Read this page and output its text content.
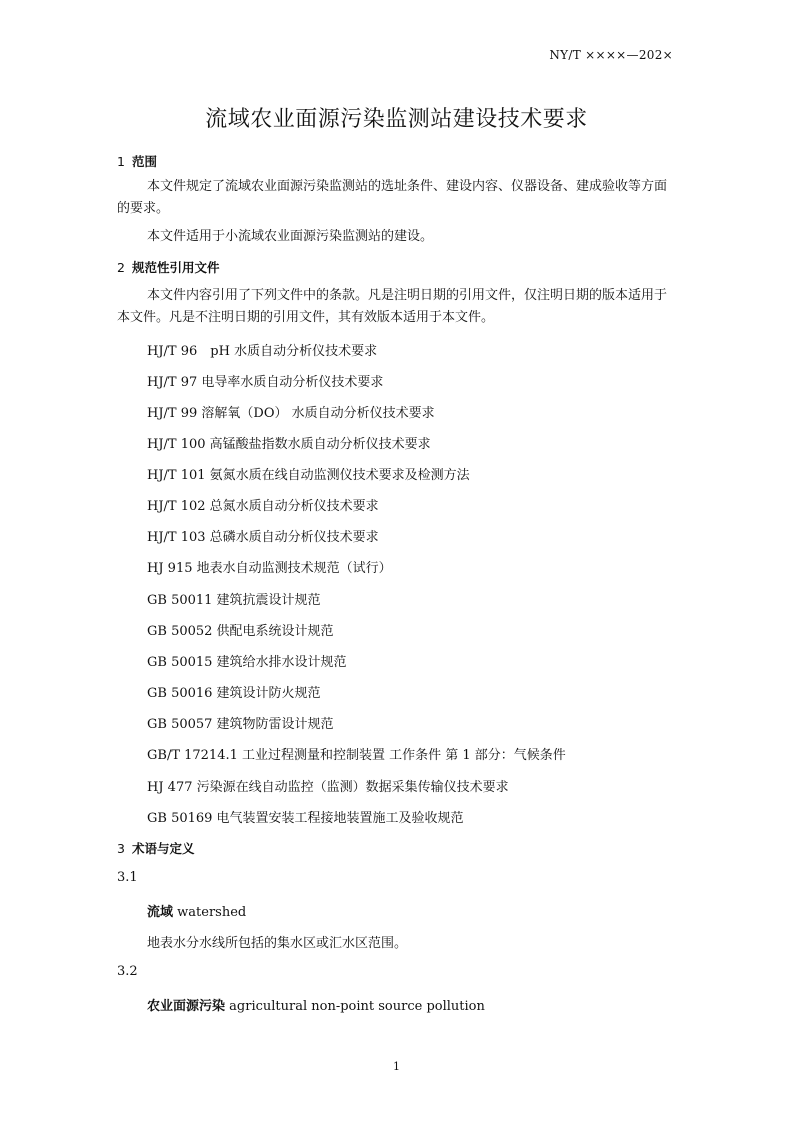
NY/T ××××—202×
流域农业面源污染监测站建设技术要求
1 范围
本文件规定了流域农业面源污染监测站的选址条件、建设内容、仪器设备、建成验收等方面的要求。
本文件适用于小流域农业面源污染监测站的建设。
2 规范性引用文件
本文件内容引用了下列文件中的条款。凡是注明日期的引用文件，仅注明日期的版本适用于本文件。凡是不注明日期的引用文件，其有效版本适用于本文件。
HJ/T 96　pH 水质自动分析仪技术要求
HJ/T 97 电导率水质自动分析仪技术要求
HJ/T 99 溶解氧（DO） 水质自动分析仪技术要求
HJ/T 100 高锰酸盐指数水质自动分析仪技术要求
HJ/T 101 氨氮水质在线自动监测仪技术要求及检测方法
HJ/T 102 总氮水质自动分析仪技术要求
HJ/T 103 总磷水质自动分析仪技术要求
HJ 915 地表水自动监测技术规范（试行）
GB 50011 建筑抗震设计规范
GB 50052 供配电系统设计规范
GB 50015 建筑给水排水设计规范
GB 50016 建筑设计防火规范
GB 50057 建筑物防雷设计规范
GB/T 17214.1 工业过程测量和控制装置 工作条件 第 1 部分：气候条件
HJ 477 污染源在线自动监控（监测）数据采集传输仪技术要求
GB 50169 电气装置安装工程接地装置施工及验收规范
3 术语与定义
3.1
流域 watershed
地表水分水线所包括的集水区或汇水区范围。
3.2
农业面源污染 agricultural non-point source pollution
1
